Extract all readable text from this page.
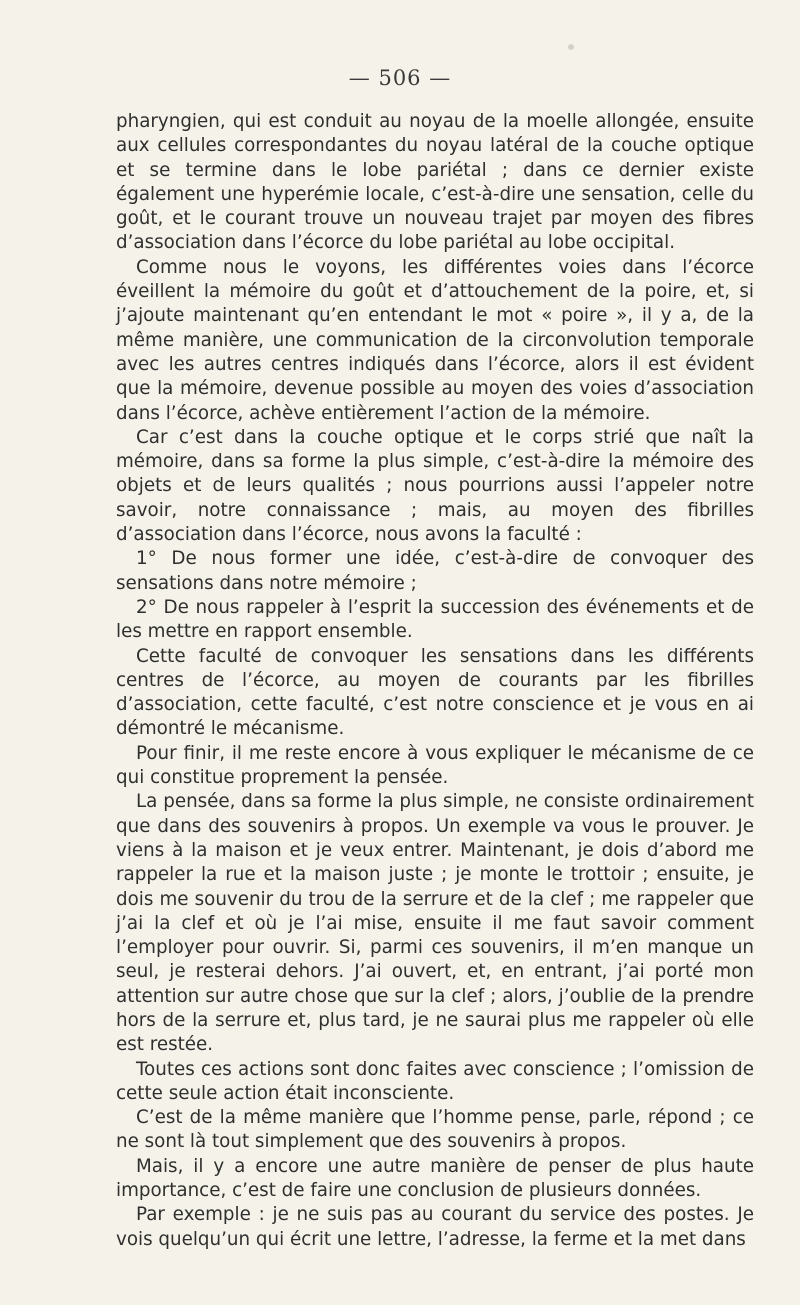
— 506 —

pharyngien, qui est conduit au noyau de la moelle allongée, ensuite aux cellules correspondantes du noyau latéral de la couche optique et se termine dans le lobe pariétal ; dans ce dernier existe également une hyperémie locale, c’est-à-dire une sensation, celle du goût, et le courant trouve un nouveau trajet par moyen des fibres d’association dans l’écorce du lobe pariétal au lobe occipital.

Comme nous le voyons, les différentes voies dans l’écorce éveillent la mémoire du goût et d’attouchement de la poire, et, si j’ajoute maintenant qu’en entendant le mot « poire », il y a, de la même manière, une communication de la circonvolution temporale avec les autres centres indiqués dans l’écorce, alors il est évident que la mémoire, devenue possible au moyen des voies d’association dans l’écorce, achève entièrement l’action de la mémoire.

Car c’est dans la couche optique et le corps strié que naît la mémoire, dans sa forme la plus simple, c’est-à-dire la mémoire des objets et de leurs qualités ; nous pourrions aussi l’appeler notre savoir, notre connaissance ; mais, au moyen des fibrilles d’association dans l’écorce, nous avons la faculté :

1° De nous former une idée, c’est-à-dire de convoquer des sensations dans notre mémoire ;

2° De nous rappeler à l’esprit la succession des événements et de les mettre en rapport ensemble.

Cette faculté de convoquer les sensations dans les différents centres de l’écorce, au moyen de courants par les fibrilles d’association, cette faculté, c’est notre conscience et je vous en ai démontré le mécanisme.

Pour finir, il me reste encore à vous expliquer le mécanisme de ce qui constitue proprement la pensée.

La pensée, dans sa forme la plus simple, ne consiste ordinairement que dans des souvenirs à propos. Un exemple va vous le prouver. Je viens à la maison et je veux entrer. Maintenant, je dois d’abord me rappeler la rue et la maison juste ; je monte le trottoir ; ensuite, je dois me souvenir du trou de la serrure et de la clef ; me rappeler que j’ai la clef et où je l’ai mise, ensuite il me faut savoir comment l’employer pour ouvrir. Si, parmi ces souvenirs, il m’en manque un seul, je resterai dehors. J’ai ouvert, et, en entrant, j’ai porté mon attention sur autre chose que sur la clef ; alors, j’oublie de la prendre hors de la serrure et, plus tard, je ne saurai plus me rappeler où elle est restée.

Toutes ces actions sont donc faites avec conscience ; l’omission de cette seule action était inconsciente.

C’est de la même manière que l’homme pense, parle, répond ; ce ne sont là tout simplement que des souvenirs à propos.

Mais, il y a encore une autre manière de penser de plus haute importance, c’est de faire une conclusion de plusieurs données.

Par exemple : je ne suis pas au courant du service des postes. Je vois quelqu’un qui écrit une lettre, l’adresse, la ferme et la met dans
